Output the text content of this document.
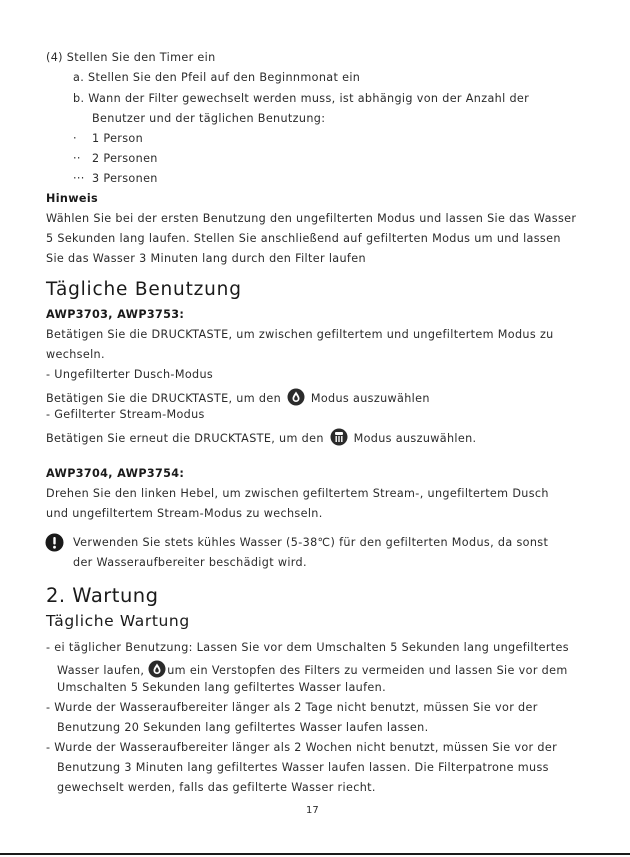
(4) Stellen Sie den Timer ein
a. Stellen Sie den Pfeil auf den Beginnmonat ein
b. Wann der Filter gewechselt werden muss, ist abhängig von der Anzahl der
Benutzer und der täglichen Benutzung:
· 1 Person
·· 2 Personen
··· 3 Personen
Hinweis
Wählen Sie bei der ersten Benutzung den ungefilterten Modus und lassen Sie das Wasser
5 Sekunden lang laufen. Stellen Sie anschließend auf gefilterten Modus um und lassen
Sie das Wasser 3 Minuten lang durch den Filter laufen
Tägliche Benutzung
AWP3703, AWP3753:
Betätigen Sie die DRUCKTASTE, um zwischen gefiltertem und ungefiltertem Modus zu
wechseln.
- Ungefilterter Dusch-Modus
Betätigen Sie die DRUCKTASTE, um den	Modus auszuwählen
- Gefilterter Stream-Modus
Betätigen Sie erneut die DRUCKTASTE, um den	Modus auszuwählen.
AWP3704, AWP3754:
Drehen Sie den linken Hebel, um zwischen gefiltertem Stream-, ungefiltertem Dusch
und ungefiltertem Stream-Modus zu wechseln.
Verwenden Sie stets kühles Wasser (5-38℃) für den gefilterten Modus, da sonst
der Wasseraufbereiter beschädigt wird.
2. Wartung
Tägliche Wartung
- ei täglicher Benutzung: Lassen Sie vor dem Umschalten 5 Sekunden lang ungefiltertes
Wasser laufen, um ein Verstopfen des Filters zu vermeiden und lassen Sie vor dem
Umschalten 5 Sekunden lang gefiltertes Wasser laufen.
- Wurde der Wasseraufbereiter länger als 2 Tage nicht benutzt, müssen Sie vor der
Benutzung 20 Sekunden lang gefiltertes Wasser laufen lassen.
- Wurde der Wasseraufbereiter länger als 2 Wochen nicht benutzt, müssen Sie vor der
Benutzung 3 Minuten lang gefiltertes Wasser laufen lassen. Die Filterpatrone muss
gewechselt werden, falls das gefilterte Wasser riecht.
17
